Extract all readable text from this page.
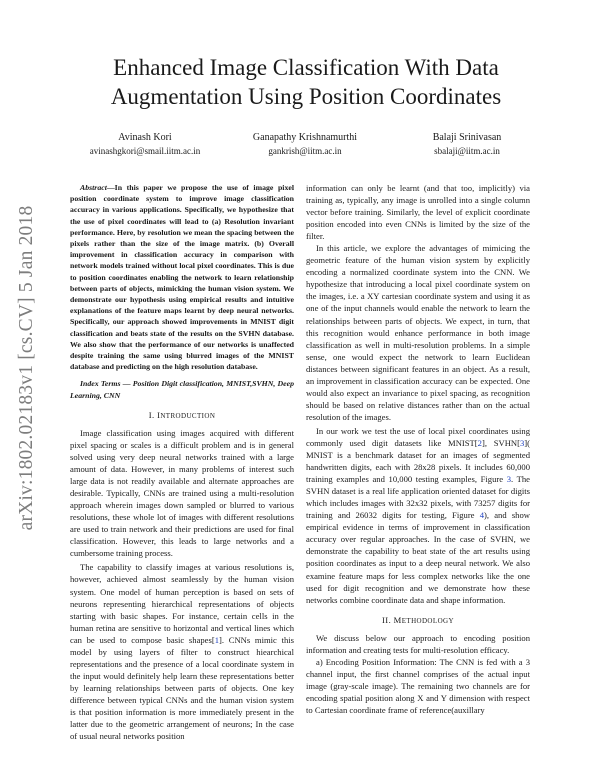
arXiv:1802.02183v1 [cs.CV] 5 Jan 2018
Enhanced Image Classification With Data Augmentation Using Position Coordinates
Avinash Kori
avinashgkori@smail.iitm.ac.in
Ganapathy Krishnamurthi
gankrish@iitm.ac.in
Balaji Srinivasan
sbalaji@iitm.ac.in

Abstract—In this paper we propose the use of image pixel position coordinate system to improve image classification accuracy in various applications. Specifically, we hypothesize that the use of pixel coordinates will lead to (a) Resolution invariant performance. Here, by resolution we mean the spacing between the pixels rather than the size of the image matrix. (b) Overall improvement in classification accuracy in comparison with network models trained without local pixel coordinates. This is due to position coordinates enabling the network to learn relationship between parts of objects, mimicking the human vision system. We demonstrate our hypothesis using empirical results and intuitive explanations of the feature maps learnt by deep neural networks. Specifically, our approach showed improvements in MNIST digit classification and beats state of the results on the SVHN database. We also show that the performance of our networks is unaffected despite training the same using blurred images of the MNIST database and predicting on the high resolution database.

Index Terms — Position Digit classification, MNIST,SVHN, Deep Learning, CNN

I. INTRODUCTION

Image classification using images acquired with different pixel spacing or scales is a difficult problem and is in general solved using very deep neural networks trained with a large amount of data. However, in many problems of interest such large data is not readily available and alternate approaches are desirable. Typically, CNNs are trained using a multi-resolution approach wherein images down sampled or blurred to various resolutions, these whole lot of images with different resolutions are used to train network and their predictions are used for final classification. However, this leads to large networks and a cumbersome training process.

The capability to classify images at various resolutions is, however, achieved almost seamlessly by the human vision system. One model of human perception is based on sets of neurons representing hierarchical representations of objects starting with basic shapes. For instance, certain cells in the human retina are sensitive to horizontal and vertical lines which can be used to compose basic shapes[1]. CNNs mimic this model by using layers of filter to construct hiearchical representations and the presence of a local coordinate system in the input would definitely help learn these representations better by learning relationships between parts of objects. One key difference between typical CNNs and the human vision system is that position information is more immediately present in the latter due to the geometric arrangement of neurons; In the case of usual neural networks position

information can only be learnt (and that too, implicitly) via training as, typically, any image is unrolled into a single column vector before training. Similarly, the level of explicit coordinate position encoded into even CNNs is limited by the size of the filter.

In this article, we explore the advantages of mimicing the geometric feature of the human vision system by explicitly encoding a normalized coordinate system into the CNN. We hypothesize that introducing a local pixel coordinate system on the images, i.e. a XY cartesian coordinate system and using it as one of the input channels would enable the network to learn the relationships between parts of objects. We expect, in turn, that this recognition would enhance performance in both image classification as well in multi-resolution problems. In a simple sense, one would expect the network to learn Euclidean distances between significant features in an object. As a result, an improvement in classification accuracy can be expected. One would also expect an invariance to pixel spacing, as recognition should be based on relative distances rather than on the actual resolution of the images.

In our work we test the use of local pixel coordinates using commonly used digit datasets like MNIST[2], SVHN[3]( MNIST is a benchmark dataset for an images of segmented handwritten digits, each with 28x28 pixels. It includes 60,000 training examples and 10,000 testing examples, Figure 3. The SVHN dataset is a real life application oriented dataset for digits which includes images with 32x32 pixels, with 73257 digits for training and 26032 digits for testing, Figure 4), and show empirical evidence in terms of improvement in classification accuracy over regular approaches. In the case of SVHN, we demonstrate the capability to beat state of the art results using position coordinates as input to a deep neural network. We also examine feature maps for less complex networks like the one used for digit recognition and we demonstrate how these networks combine coordinate data and shape information.

II. METHODOLOGY

We discuss below our approach to encoding position information and creating tests for multi-resolution efficacy.

a) Encoding Position Information: The CNN is fed with a 3 channel input, the first channel comprises of the actual input image (gray-scale image). The remaining two channels are for encoding spatial position along X and Y dimension with respect to Cartesian coordinate frame of reference(auxillary
